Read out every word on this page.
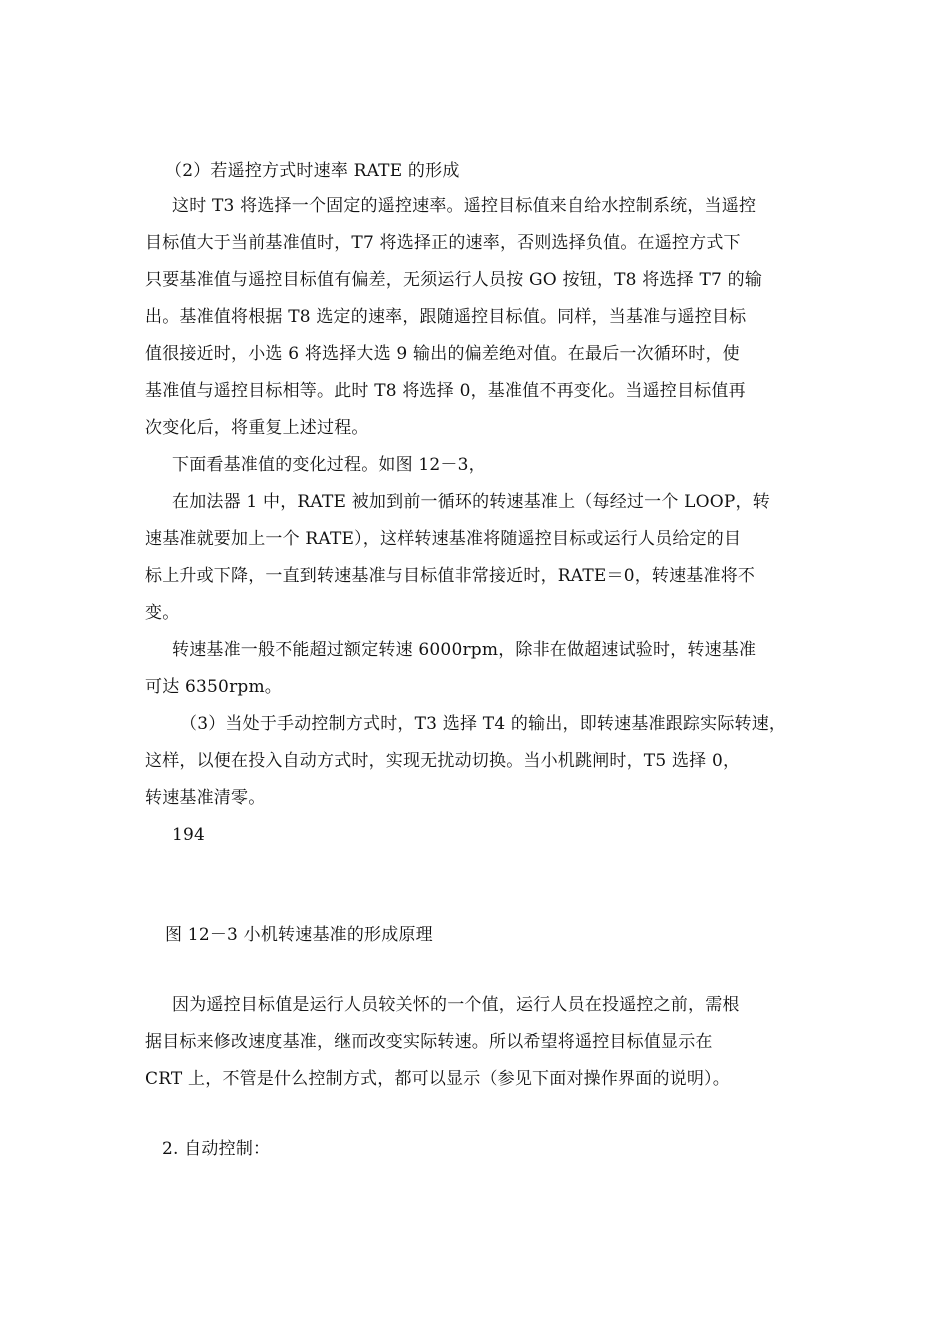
（2）若遥控方式时速率 RATE 的形成
这时 T3 将选择一个固定的遥控速率。遥控目标值来自给水控制系统，当遥控
目标值大于当前基准值时，T7 将选择正的速率，否则选择负值。在遥控方式下
只要基准值与遥控目标值有偏差，无须运行人员按 GO 按钮，T8 将选择 T7 的输
出。基准值将根据 T8 选定的速率，跟随遥控目标值。同样，当基准与遥控目标
值很接近时，小选 6 将选择大选 9 输出的偏差绝对值。在最后一次循环时，使
基准值与遥控目标相等。此时 T8 将选择 0，基准值不再变化。当遥控目标值再
次变化后，将重复上述过程。
下面看基准值的变化过程。如图 12－3，
在加法器 1 中，RATE 被加到前一循环的转速基准上（每经过一个 LOOP，转
速基准就要加上一个 RATE），这样转速基准将随遥控目标或运行人员给定的目
标上升或下降，一直到转速基准与目标值非常接近时，RATE＝0，转速基准将不
变。
转速基准一般不能超过额定转速 6000rpm，除非在做超速试验时，转速基准
可达 6350rpm。
（3）当处于手动控制方式时，T3 选择 T4 的输出，即转速基准跟踪实际转速，
这样，以便在投入自动方式时，实现无扰动切换。当小机跳闸时，T5 选择 0，
转速基准清零。
194
图 12－3 小机转速基准的形成原理
因为遥控目标值是运行人员较关怀的一个值，运行人员在投遥控之前，需根
据目标来修改速度基准，继而改变实际转速。所以希望将遥控目标值显示在
CRT 上，不管是什么控制方式，都可以显示（参见下面对操作界面的说明）。
2. 自动控制：
